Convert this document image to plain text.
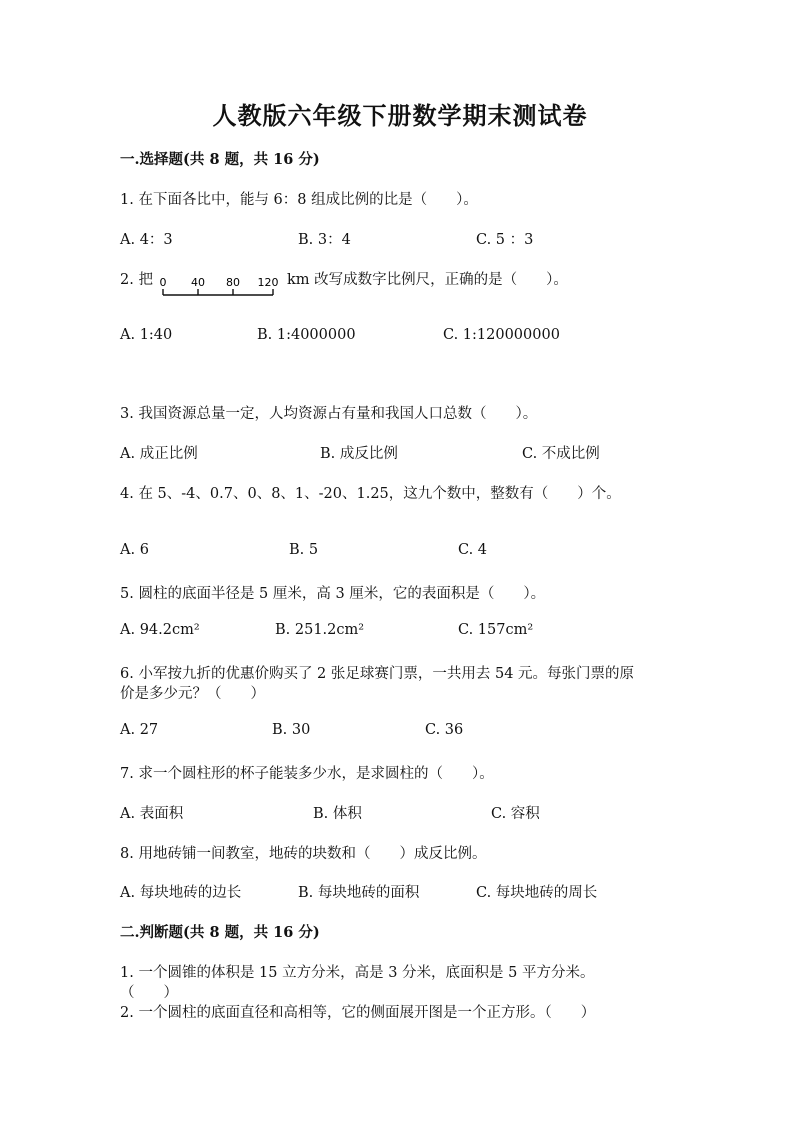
人教版六年级下册数学期末测试卷
一.选择题(共 8 题，共 16 分)
1. 在下面各比中，能与 6：8 组成比例的比是（　　）。
A. 4：3	B. 3：4	C. 5 ：3
2. 把 0 40 80 120 km 改写成数字比例尺，正确的是（　　）。
A. 1:40	B. 1:4000000	C. 1:120000000
3. 我国资源总量一定，人均资源占有量和我国人口总数（　　）。
A. 成正比例	B. 成反比例	C. 不成比例
4. 在 5、-4、0.7、0、8、1、-20、1.25，这九个数中，整数有（　　）个。
A. 6	B. 5	C. 4
5. 圆柱的底面半径是 5 厘米，高 3 厘米，它的表面积是（　　）。
A. 94.2cm²	B. 251.2cm²	C. 157cm²
6. 小军按九折的优惠价购买了 2 张足球赛门票，一共用去 54 元。每张门票的原
价是多少元？（　　）
A. 27	B. 30	C. 36
7. 求一个圆柱形的杯子能装多少水，是求圆柱的（　　）。
A. 表面积	B. 体积	C. 容积
8. 用地砖铺一间教室，地砖的块数和（　　）成反比例。
A. 每块地砖的边长	B. 每块地砖的面积	C. 每块地砖的周长
二.判断题(共 8 题，共 16 分)
1. 一个圆锥的体积是 15 立方分米，高是 3 分米，底面积是 5 平方分米。
（　　）
2. 一个圆柱的底面直径和高相等，它的侧面展开图是一个正方形。（　　）
